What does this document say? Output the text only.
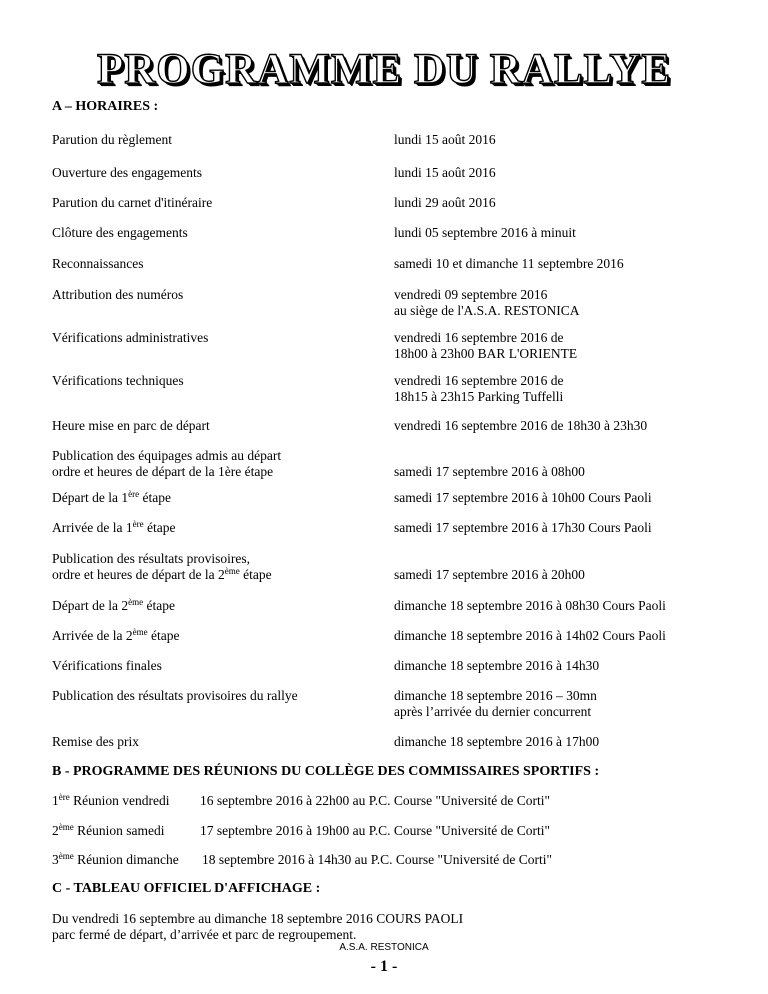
PROGRAMME DU RALLYE
A – HORAIRES :
Parution du règlement	lundi 15 août 2016
Ouverture des engagements	lundi 15 août 2016
Parution du carnet d'itinéraire	lundi 29 août 2016
Clôture des engagements	lundi 05 septembre 2016 à minuit
Reconnaissances	samedi 10 et dimanche 11 septembre 2016
Attribution des numéros	vendredi 09 septembre 2016
au siège de l'A.S.A. RESTONICA
Vérifications administratives	vendredi 16 septembre 2016 de
18h00 à 23h00 BAR L'ORIENTE
Vérifications techniques	vendredi 16 septembre 2016 de
18h15 à 23h15 Parking Tuffelli
Heure mise en parc de départ	vendredi 16 septembre 2016 de 18h30 à 23h30
Publication des équipages admis au départ
ordre et heures de départ de la 1ère étape	samedi 17 septembre 2016 à 08h00
Départ de la 1ère étape	samedi 17 septembre 2016 à 10h00 Cours Paoli
Arrivée de la 1ère étape	samedi 17 septembre 2016 à 17h30 Cours Paoli
Publication des résultats provisoires,
ordre et heures de départ de la 2ème étape	samedi 17 septembre 2016 à 20h00
Départ de la 2ème étape	dimanche 18 septembre 2016 à 08h30 Cours Paoli
Arrivée de la 2ème étape	dimanche 18 septembre 2016 à 14h02 Cours Paoli
Vérifications finales	dimanche 18 septembre 2016 à 14h30
Publication des résultats provisoires du rallye	dimanche 18 septembre 2016 – 30mn
après l’arrivée du dernier concurrent
Remise des prix	dimanche 18 septembre 2016 à 17h00
B - PROGRAMME DES RÉUNIONS DU COLLÈGE DES COMMISSAIRES SPORTIFS :
1ère Réunion vendredi 16 septembre 2016 à 22h00 au P.C. Course "Université de Corti"
2ème Réunion samedi	17 septembre 2016 à 19h00 au P.C. Course "Université de Corti"
3ème Réunion dimanche 18 septembre 2016 à 14h30 au P.C. Course "Université de Corti"
C - TABLEAU OFFICIEL D'AFFICHAGE :
Du vendredi 16 septembre au dimanche 18 septembre 2016 COURS PAOLI
parc fermé de départ, d’arrivée et parc de regroupement.
A.S.A. RESTONICA
- 1 -
